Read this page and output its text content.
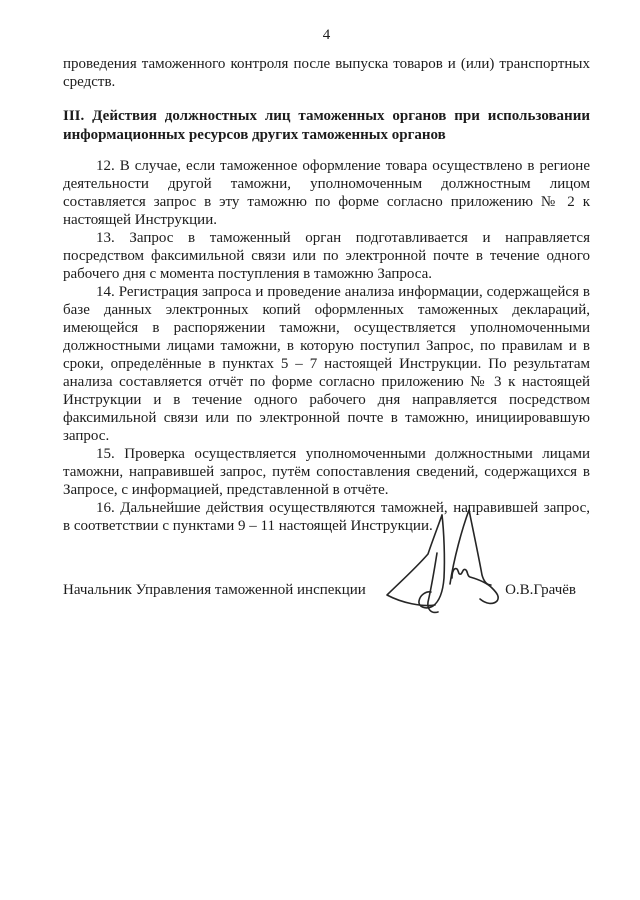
4

проведения таможенного контроля после выпуска товаров и (или) транспортных средств.

III. Действия должностных лиц таможенных органов при использовании информационных ресурсов других таможенных органов

12. В случае, если таможенное оформление товара осуществлено в регионе деятельности другой таможни, уполномоченным должностным лицом составляется запрос в эту таможню по форме согласно приложению № 2 к настоящей Инструкции.

13. Запрос в таможенный орган подготавливается и направляется посредством факсимильной связи или по электронной почте в течение одного рабочего дня с момента поступления в таможню Запроса.

14. Регистрация запроса и проведение анализа информации, содержащейся в базе данных электронных копий оформленных таможенных деклараций, имеющейся в распоряжении таможни, осуществляется уполномоченными должностными лицами таможни, в которую поступил Запрос, по правилам и в сроки, определённые в пунктах 5 – 7 настоящей Инструкции. По результатам анализа составляется отчёт по форме согласно приложению № 3 к настоящей Инструкции и в течение одного рабочего дня направляется посредством факсимильной связи или по электронной почте в таможню, инициировавшую запрос.

15. Проверка осуществляется уполномоченными должностными лицами таможни, направившей запрос, путём сопоставления сведений, содержащихся в Запросе, с информацией, представленной в отчёте.

16. Дальнейшие действия осуществляются таможней, направившей запрос, в соответствии с пунктами 9 – 11 настоящей Инструкции.

Начальник Управления таможенной инспекции	О.В.Грачёв
